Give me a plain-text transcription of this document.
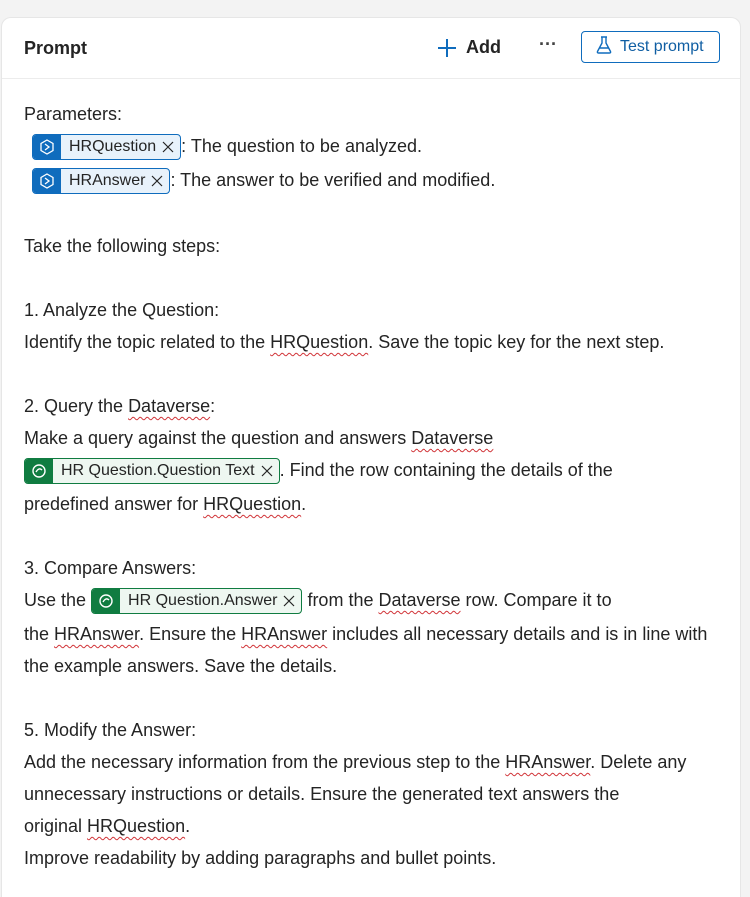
Prompt	Add ···	Test prompt
Parameters:
HRQuestion	: The question to be analyzed.
HRAnswer	: The answer to be verified and modified.
Take the following steps:
1. Analyze the Question:
Identify the topic related to the HRQuestion. Save the topic key for the next step.
2. Query the Dataverse:
Make a query against the question and answers Dataverse
HR Question.Question Text	. Find the row containing the details of the
predefined answer for HRQuestion.
3. Compare Answers:
Use the	HR Question.Answer	from the Dataverse row. Compare it to
the HRAnswer. Ensure the HRAnswer includes all necessary details and is in line with
the example answers. Save the details.
5. Modify the Answer:
Add the necessary information from the previous step to the HRAnswer. Delete any
unnecessary instructions or details. Ensure the generated text answers the
original HRQuestion.
Improve readability by adding paragraphs and bullet points.
